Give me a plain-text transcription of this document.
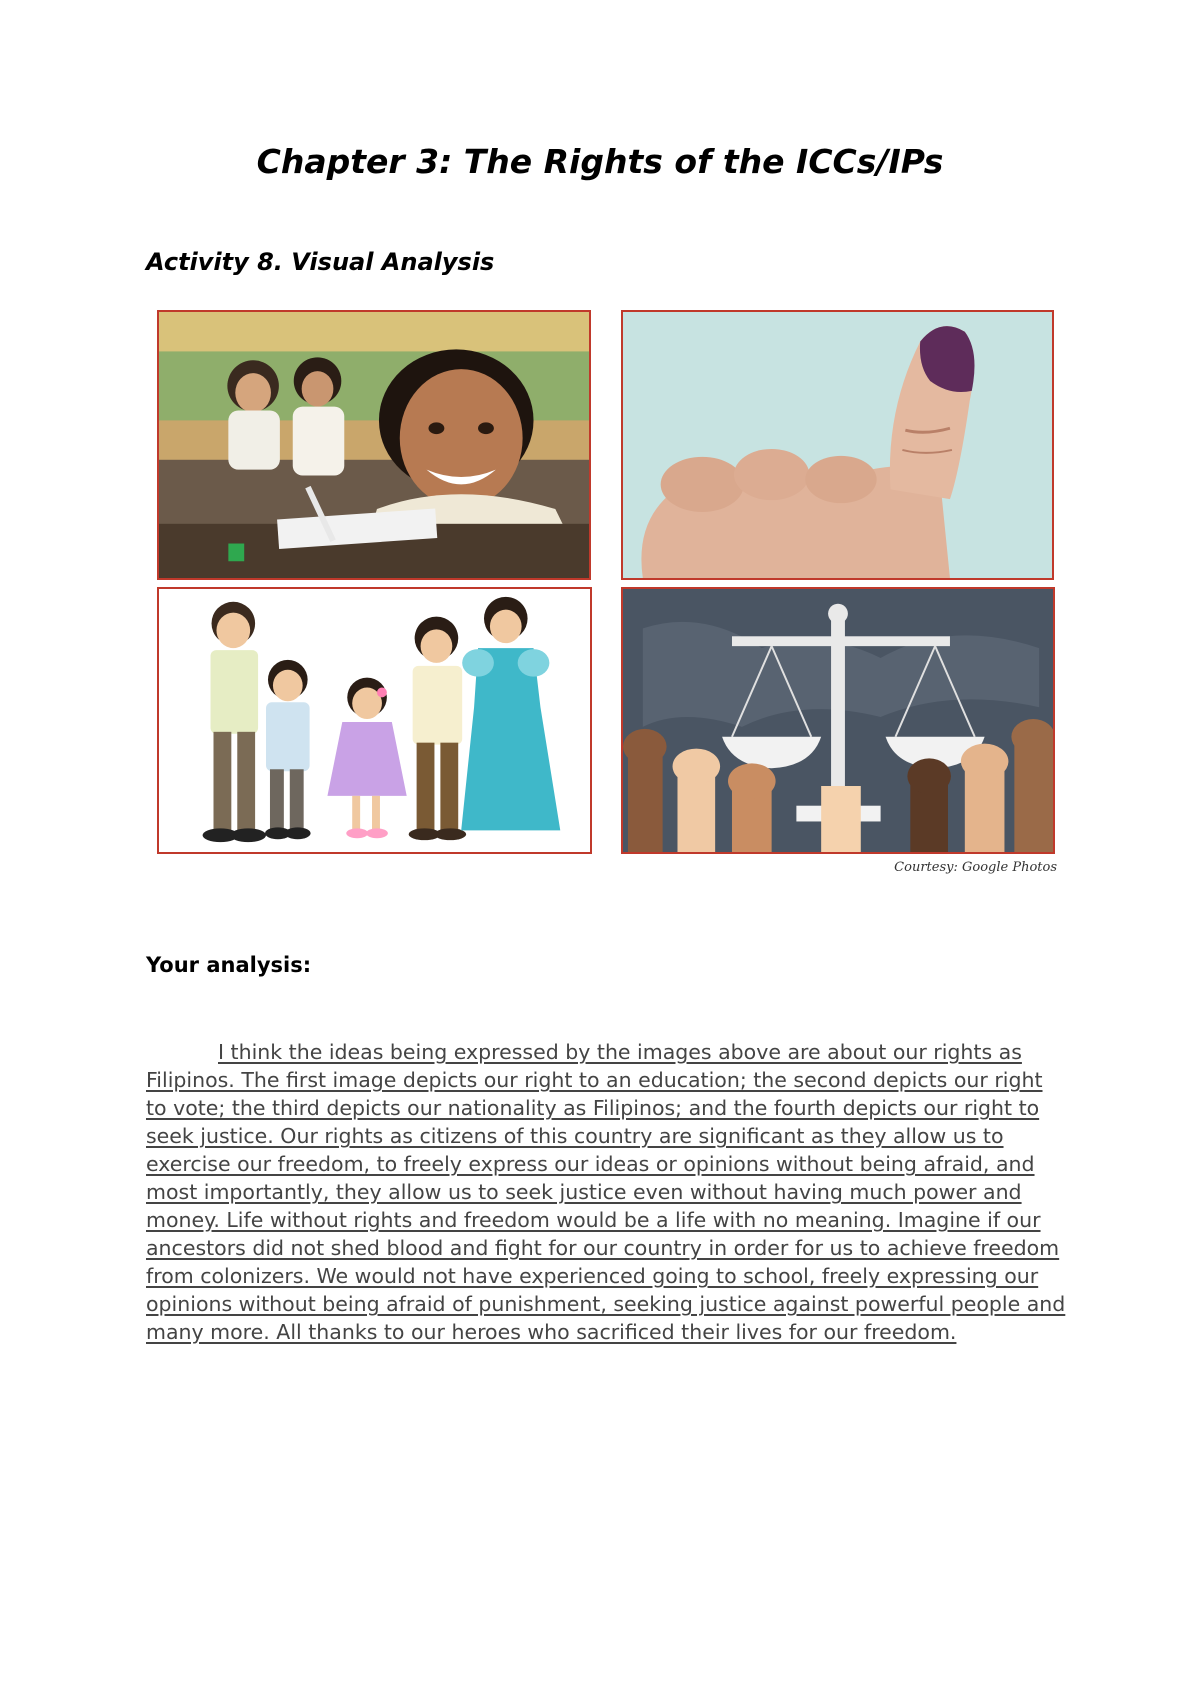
Chapter 3: The Rights of the ICCs/IPs
Activity 8. Visual Analysis
Courtesy: Google Photos
Your analysis:

I think the ideas being expressed by the images above are about our rights as Filipinos. The first image depicts our right to an education; the second depicts our right to vote; the third depicts our nationality as Filipinos; and the fourth depicts our right to seek justice. Our rights as citizens of this country are significant as they allow us to exercise our freedom, to freely express our ideas or opinions without being afraid, and most importantly, they allow us to seek justice even without having much power and money. Life without rights and freedom would be a life with no meaning. Imagine if our ancestors did not shed blood and fight for our country in order for us to achieve freedom from colonizers. We would not have experienced going to school, freely expressing our opinions without being afraid of punishment, seeking justice against powerful people and many more. All thanks to our heroes who sacrificed their lives for our freedom.
